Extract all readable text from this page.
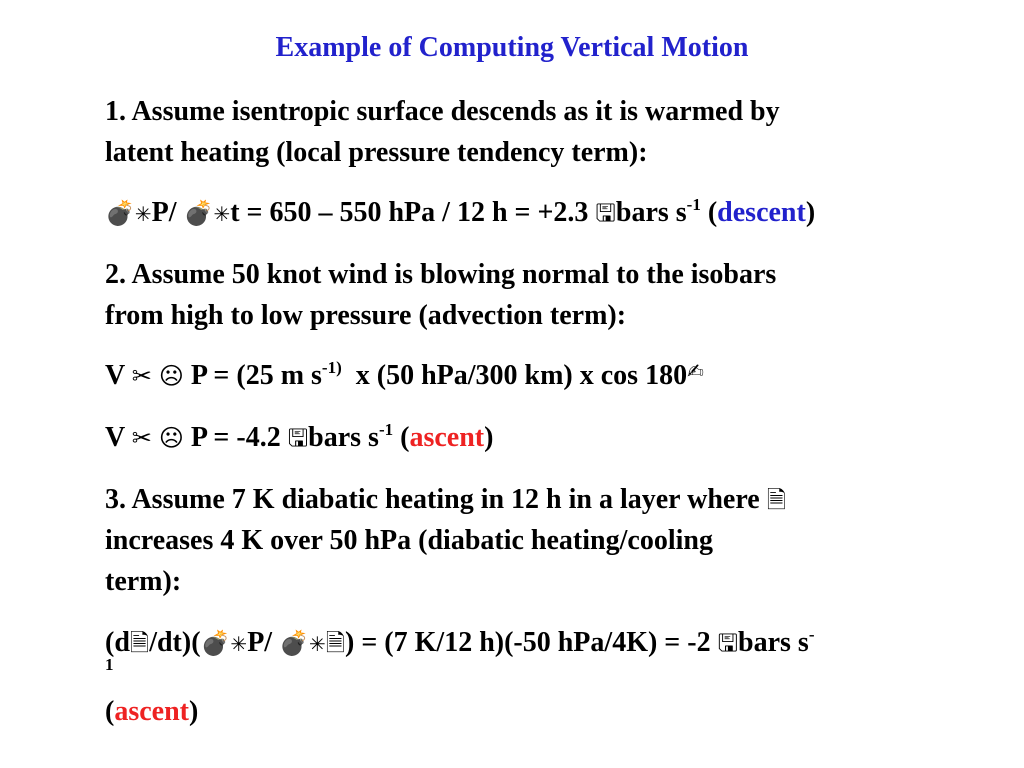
Example of Computing Vertical Motion
1. Assume isentropic surface descends as it is warmed by
latent heating (local pressure tendency term):
💣✳P/ 💣✳t = 650 – 550 hPa / 12 h = +2.3 🖫bars $s^{-1}$ (descent)
2. Assume 50 knot wind is blowing normal to the isobars
from high to low pressure (advection term):
V ✂ ☹ P = (25 m $s^{-1)}$  x (50 hPa/300 km) x cos 180✍
V ✂ ☹ P = -4.2 🖫bars $s^{-1}$ (ascent)
3. Assume 7 K diabatic heating in 12 h in a layer where 🗎
increases 4 K over 50 hPa (diabatic heating/cooling
term):
(d🗎/dt)(💣✳P/ 💣✳🗎) = (7 K/12 h)(-50 hPa/4K) = -2 🖫bars s-
1
(ascent)
